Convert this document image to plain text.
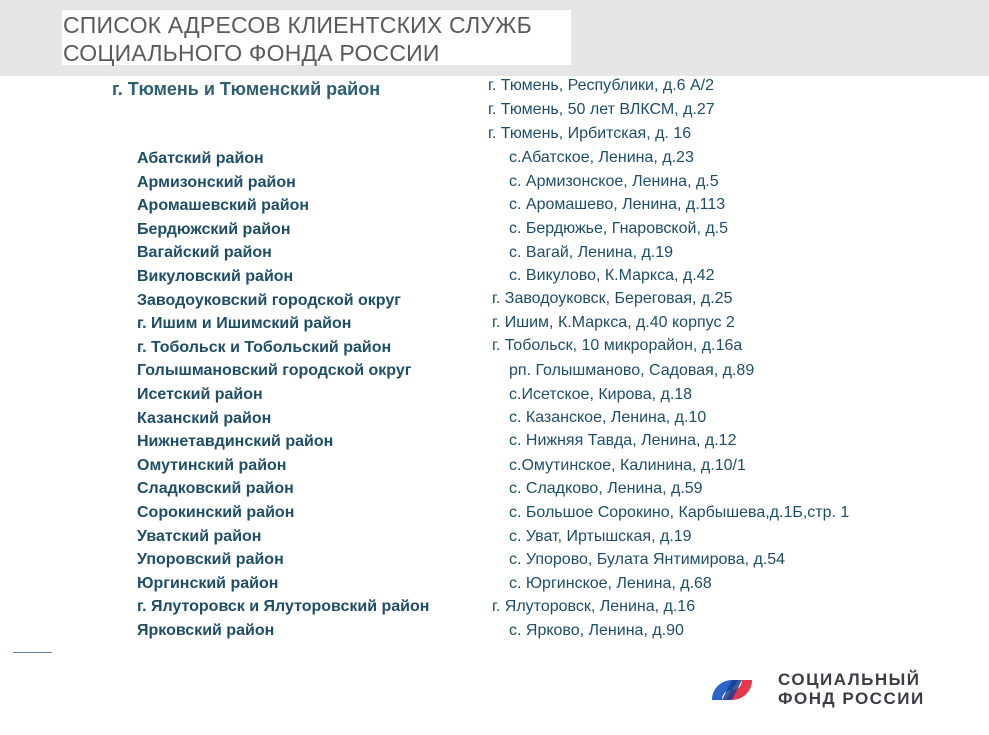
СПИСОК АДРЕСОВ КЛИЕНТСКИХ СЛУЖБ
СОЦИАЛЬНОГО ФОНДА РОССИИ
г. Тюмень и Тюменский район	г. Тюмень, Республики, д.6 А/2
г. Тюмень, 50 лет ВЛКСМ, д.27
г. Тюмень, Ирбитская, д. 16
Абатский район
Армизонский район
Аромашевский район
Бердюжский район
Вагайский район
Викуловский район
Заводоуковский городской округ
г. Ишим и Ишимский район
г. Тобольск и Тобольский район
Голышмановский городской округ
Исетский район
Казанский район
Нижнетавдинский район
Омутинский район
Сладковский район
Сорокинский район
Уватский район
Упоровский район
Юргинский район
г. Ялуторовск и Ялуторовский район
Ярковский район
с.Абатское, Ленина, д.23
с. Армизонское, Ленина, д.5
с. Аромашево, Ленина, д.113
с. Бердюжье, Гнаровской, д.5
с. Вагай, Ленина, д.19
с. Викулово, К.Маркса, д.42
г. Заводоуковск, Береговая, д.25
г. Ишим, К.Маркса, д.40 корпус 2
г. Тобольск, 10 микрорайон, д.16а
рп. Голышманово, Садовая, д.89
с.Исетское, Кирова, д.18
с. Казанское, Ленина, д.10
с. Нижняя Тавда, Ленина, д.12
с.Омутинское, Калинина, д.10/1
с. Сладково, Ленина, д.59
с. Большое Сорокино, Карбышева,д.1Б,стр. 1
с. Уват, Иртышская, д.19
с. Упорово, Булата Янтимирова, д.54
с. Юргинское, Ленина, д.68
г. Ялуторовск, Ленина, д.16
с. Ярково, Ленина, д.90
СОЦИАЛЬНЫЙ
ФОНД РОССИИ
